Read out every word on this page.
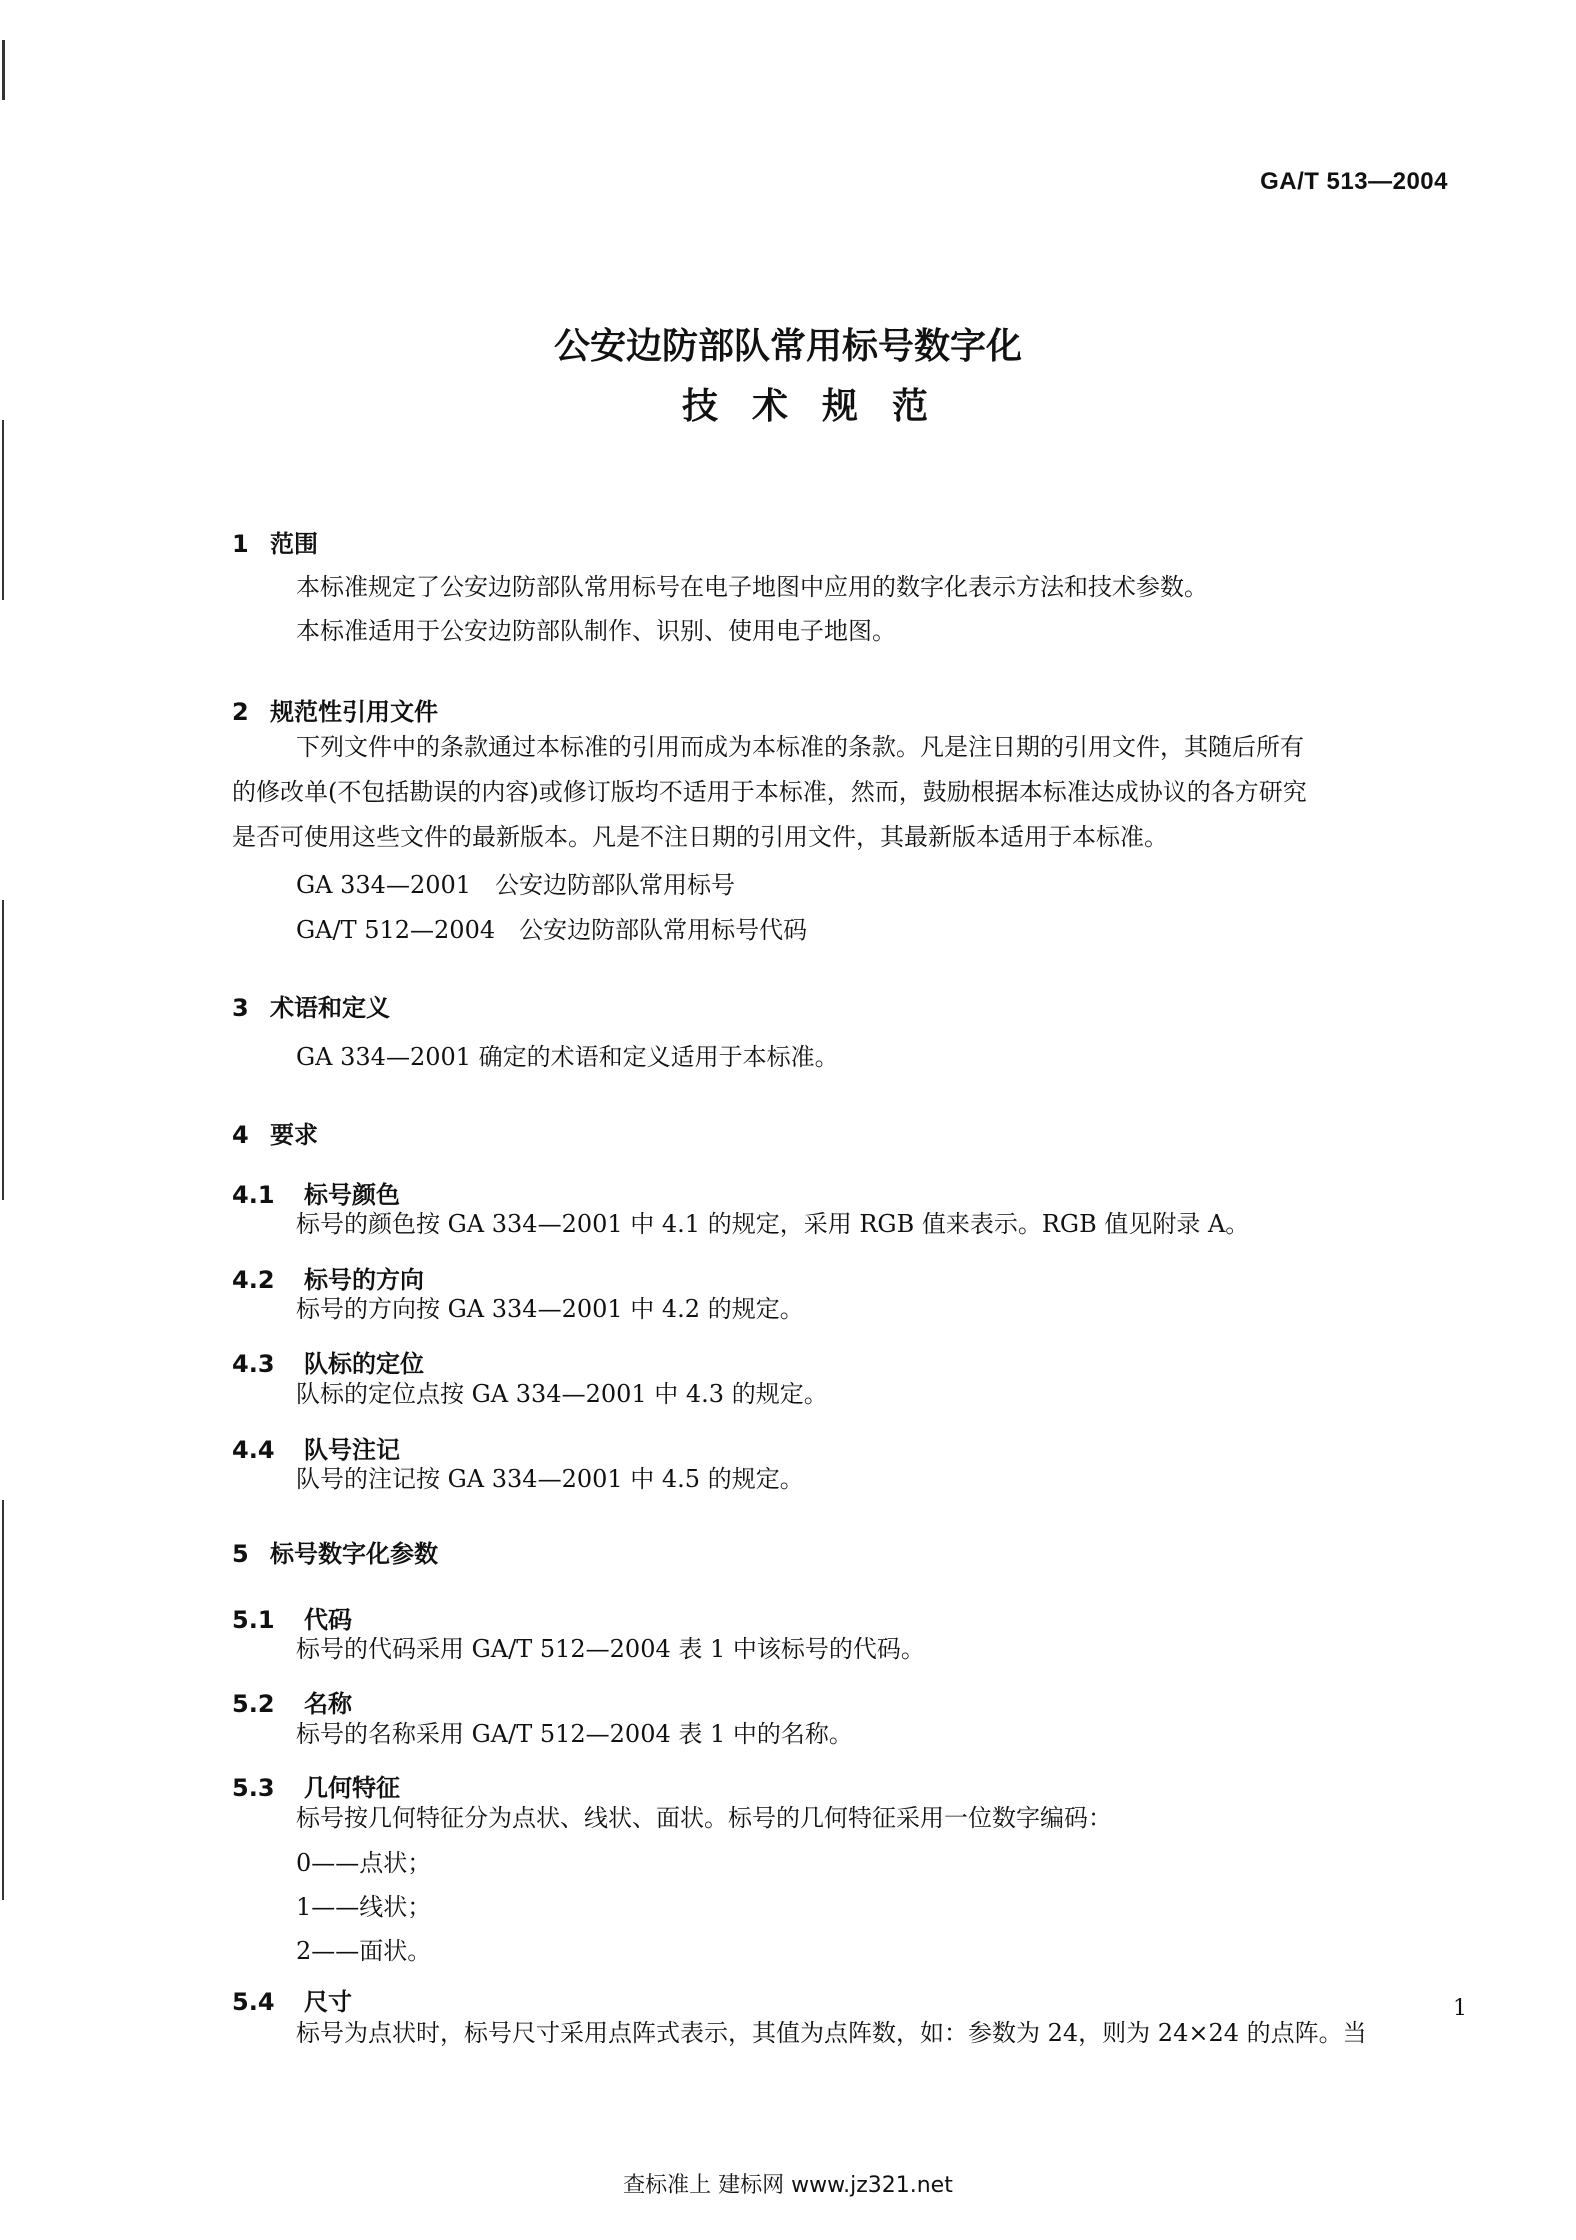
GA/T 513—2004
公安边防部队常用标号数字化
技术规范
1 范围
本标准规定了公安边防部队常用标号在电子地图中应用的数字化表示方法和技术参数。
本标准适用于公安边防部队制作、识别、使用电子地图。
2 规范性引用文件
下列文件中的条款通过本标准的引用而成为本标准的条款。凡是注日期的引用文件，其随后所有
的修改单(不包括勘误的内容)或修订版均不适用于本标准，然而，鼓励根据本标准达成协议的各方研究
是否可使用这些文件的最新版本。凡是不注日期的引用文件，其最新版本适用于本标准。
GA 334—2001　公安边防部队常用标号
GA/T 512—2004　公安边防部队常用标号代码
3 术语和定义
GA 334—2001 确定的术语和定义适用于本标准。
4 要求
4.1 标号颜色
标号的颜色按 GA 334—2001 中 4.1 的规定，采用 RGB 值来表示。RGB 值见附录 A。
4.2 标号的方向
标号的方向按 GA 334—2001 中 4.2 的规定。
4.3 队标的定位
队标的定位点按 GA 334—2001 中 4.3 的规定。
4.4 队号注记
队号的注记按 GA 334—2001 中 4.5 的规定。
5 标号数字化参数
5.1 代码
标号的代码采用 GA/T 512—2004 表 1 中该标号的代码。
5.2 名称
标号的名称采用 GA/T 512—2004 表 1 中的名称。
5.3 几何特征
标号按几何特征分为点状、线状、面状。标号的几何特征采用一位数字编码：
0——点状；
1——线状；
2——面状。
5.4 尺寸
标号为点状时，标号尺寸采用点阵式表示，其值为点阵数，如：参数为 24，则为 24×24 的点阵。当
1
查标准上 建标网 www.jz321.net
